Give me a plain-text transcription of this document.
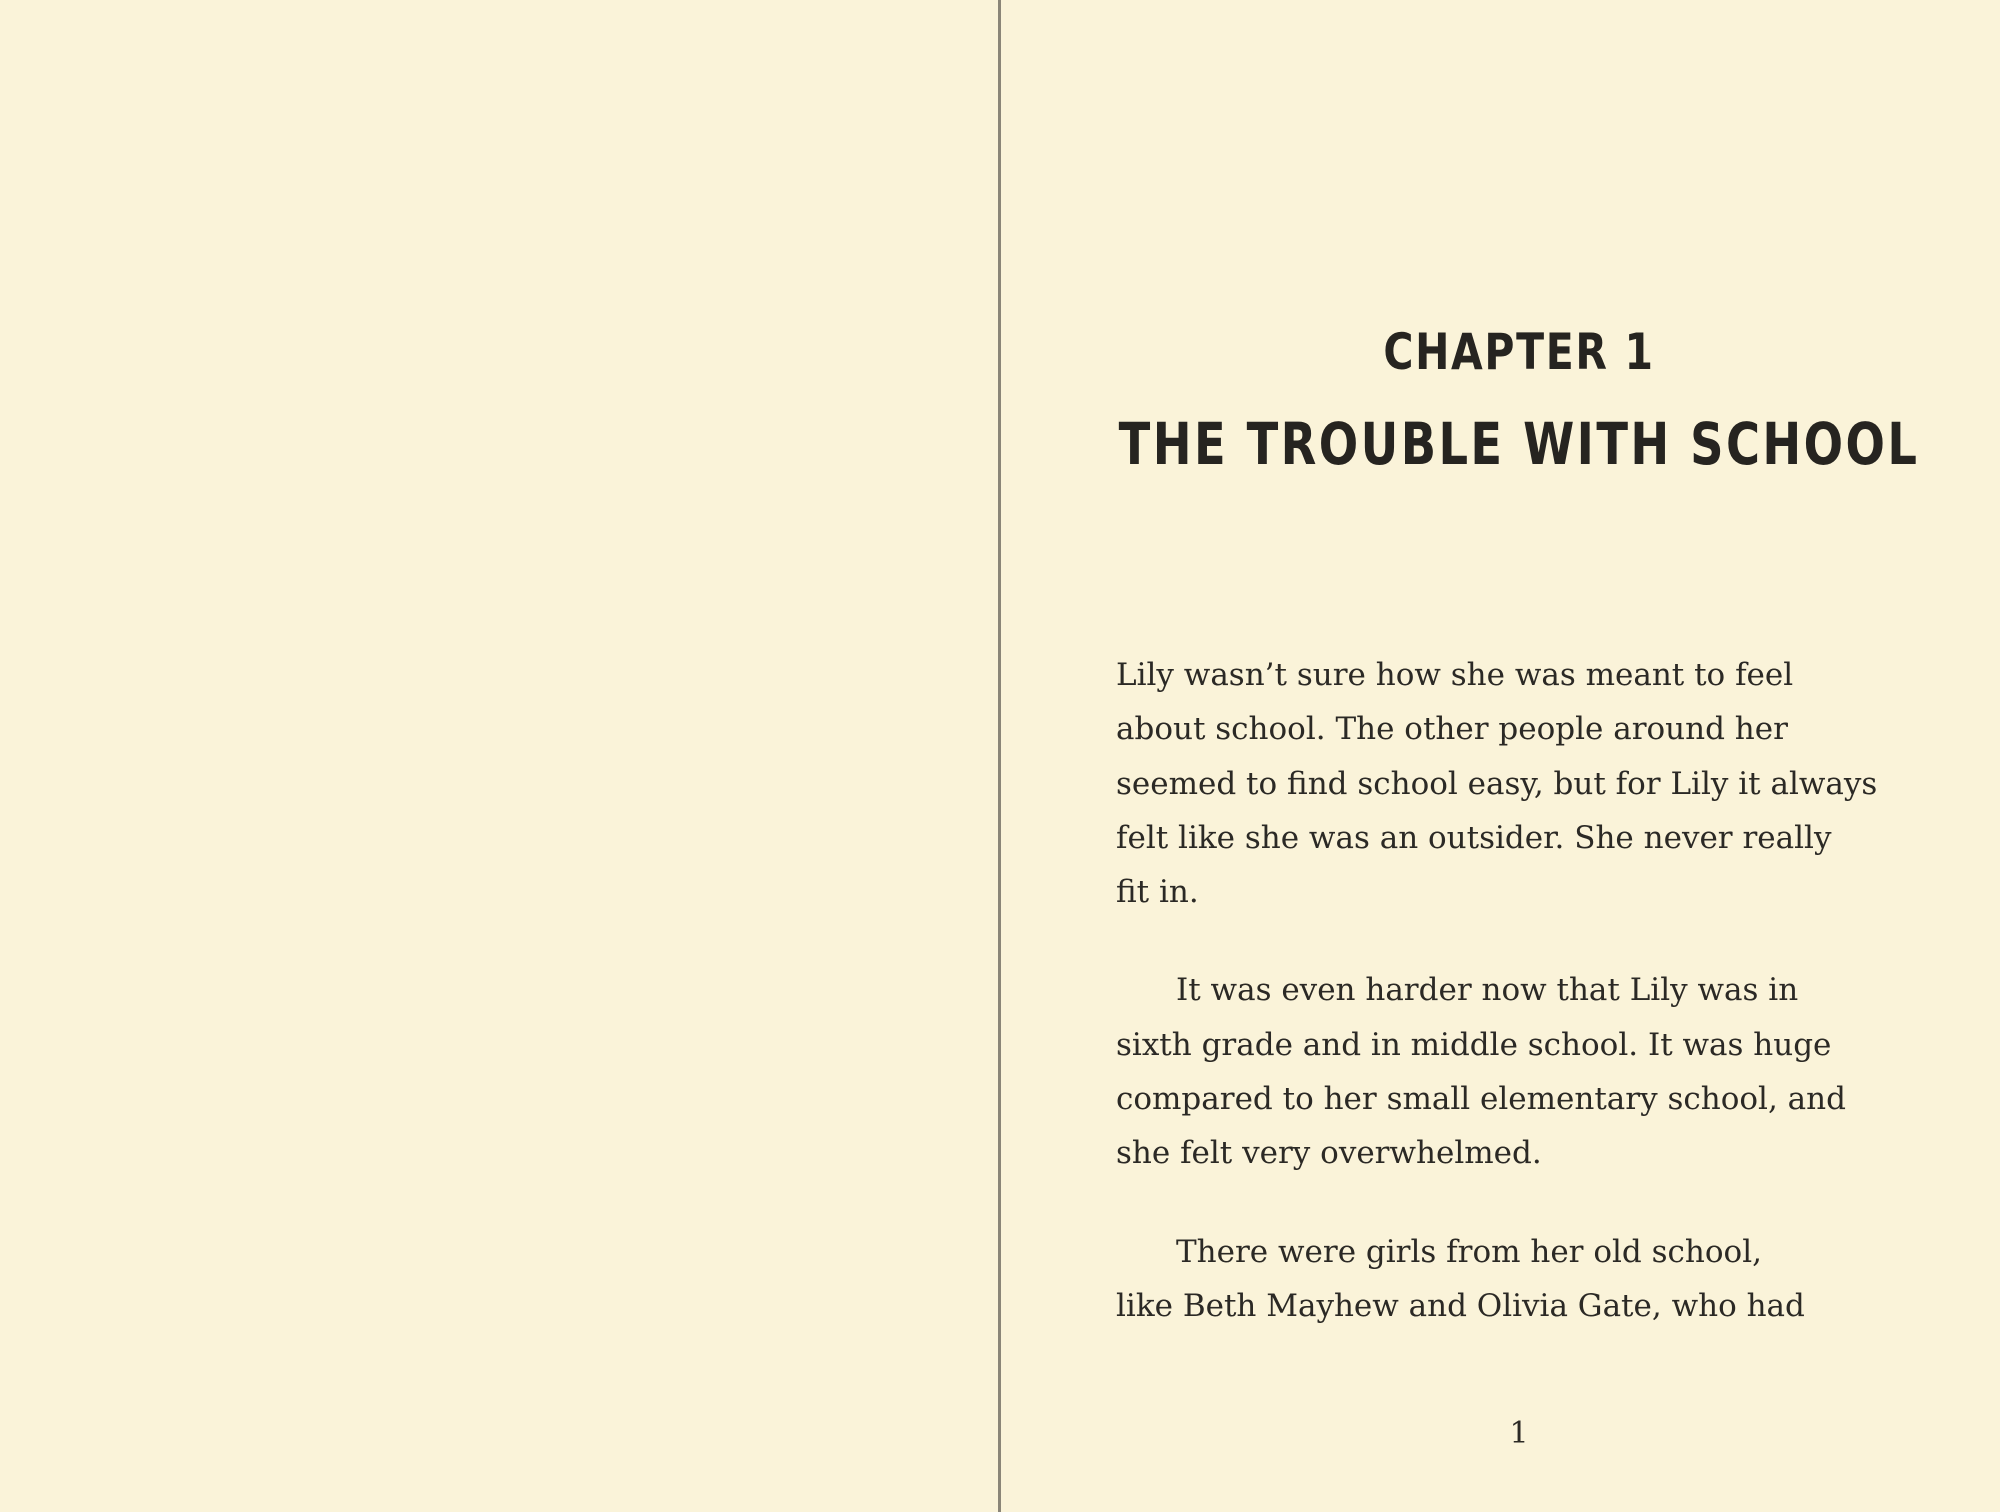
CHAPTER 1
THE TROUBLE WITH SCHOOL

Lily wasn’t sure how she was meant to feel
about school. The other people around her
seemed to find school easy, but for Lily it always
felt like she was an outsider. She never really
fit in.

It was even harder now that Lily was in
sixth grade and in middle school. It was huge
compared to her small elementary school, and
she felt very overwhelmed.

There were girls from her old school,
like Beth Mayhew and Olivia Gate, who had

1
